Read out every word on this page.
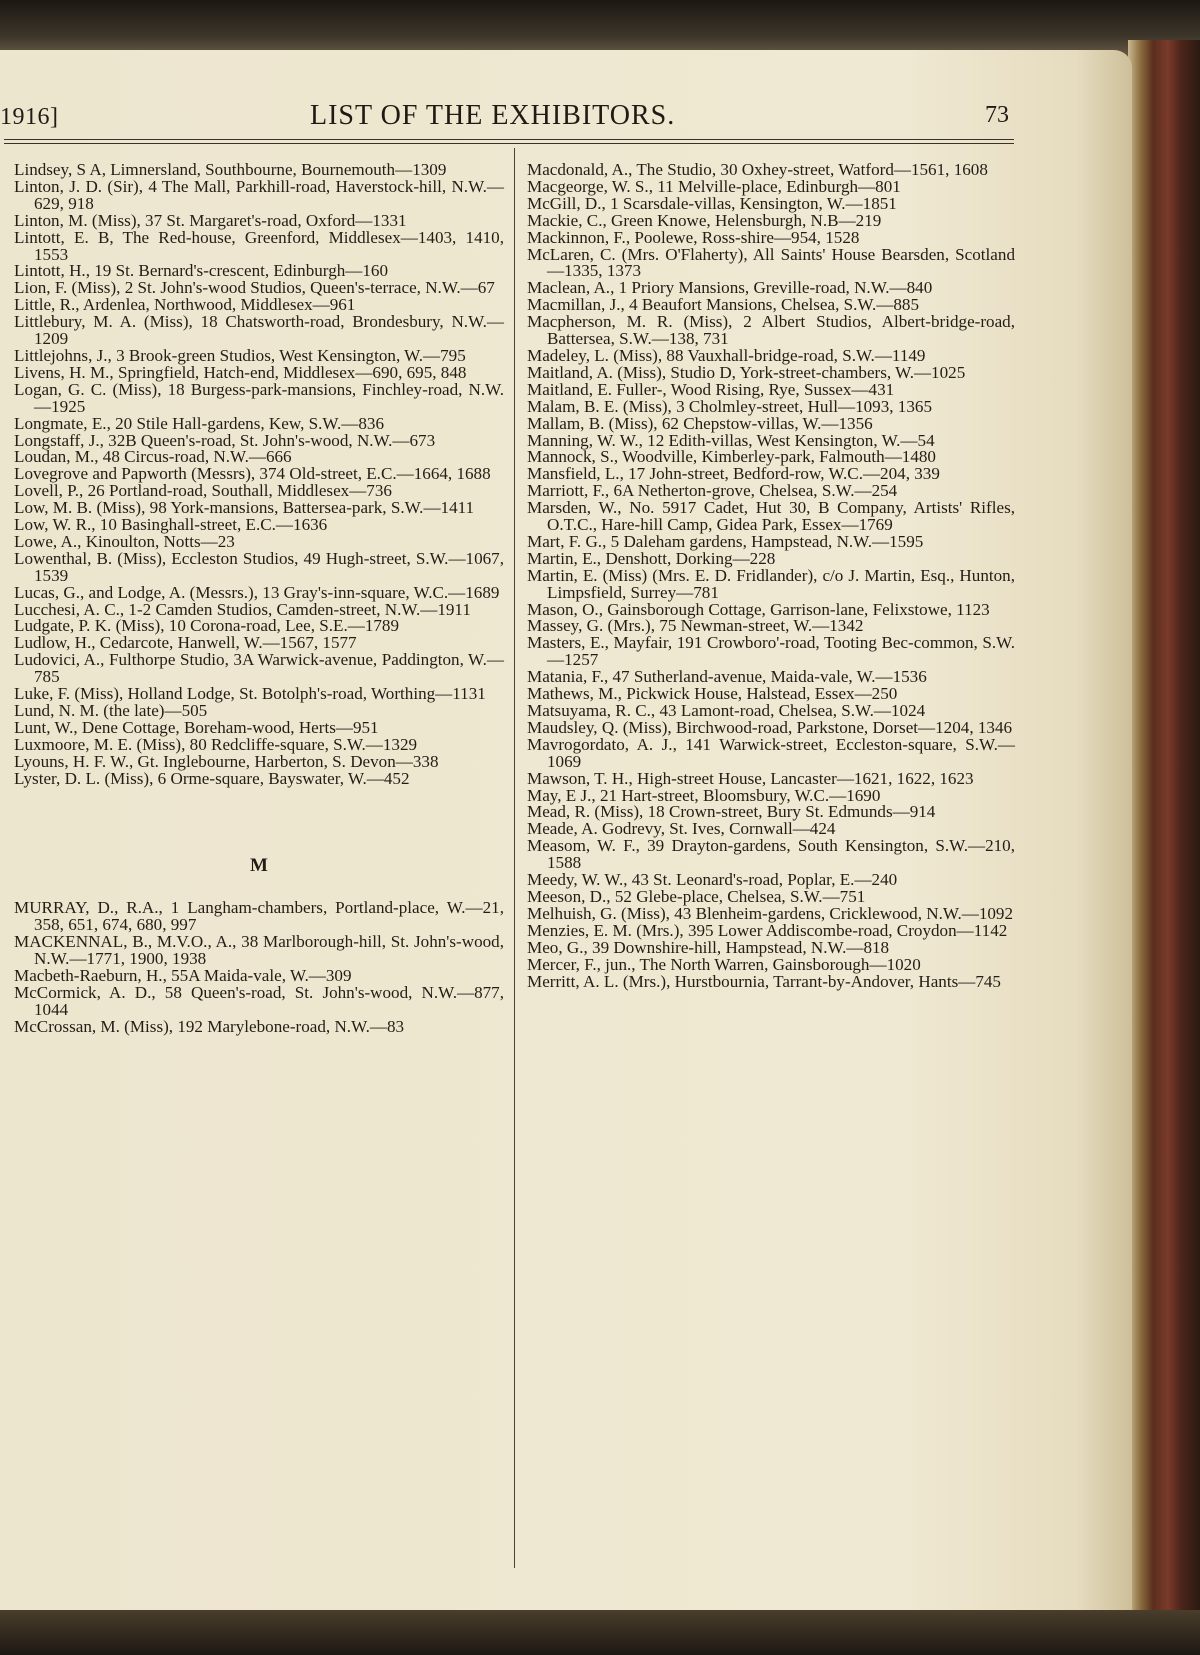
1916]	LIST OF THE EXHIBITORS.	73

Lindsey, S A, Limnersland, Southbourne, Bournemouth—1309

Linton, J. D. (Sir), 4 The Mall, Parkhill-road, Haverstock-hill, N.W.—629, 918

Linton, M. (Miss), 37 St. Margaret's-road, Oxford—1331

Lintott, E. B, The Red-house, Greenford, Middlesex—1403, 1410, 1553

Lintott, H., 19 St. Bernard's-crescent, Edinburgh—160

Lion, F. (Miss), 2 St. John's-wood Studios, Queen's-terrace, N.W.—67

Little, R., Ardenlea, Northwood, Middlesex—961

Littlebury, M. A. (Miss), 18 Chatsworth-road, Brondesbury, N.W.—1209

Littlejohns, J., 3 Brook-green Studios, West Kensington, W.—795

Livens, H. M., Springfield, Hatch-end, Middlesex—690, 695, 848

Logan, G. C. (Miss), 18 Burgess-park-mansions, Finchley-road, N.W.—1925

Longmate, E., 20 Stile Hall-gardens, Kew, S.W.—836

Longstaff, J., 32B Queen's-road, St. John's-wood, N.W.—673

Loudan, M., 48 Circus-road, N.W.—666

Lovegrove and Papworth (Messrs), 374 Old-street, E.C.—1664, 1688

Lovell, P., 26 Portland-road, Southall, Middlesex—736

Low, M. B. (Miss), 98 York-mansions, Battersea-park, S.W.—1411

Low, W. R., 10 Basinghall-street, E.C.—1636

Lowe, A., Kinoulton, Notts—23

Lowenthal, B. (Miss), Eccleston Studios, 49 Hugh-street, S.W.—1067, 1539

Lucas, G., and Lodge, A. (Messrs.), 13 Gray's-inn-square, W.C.—1689

Lucchesi, A. C., 1-2 Camden Studios, Camden-street, N.W.—1911

Ludgate, P. K. (Miss), 10 Corona-road, Lee, S.E.—1789

Ludlow, H., Cedarcote, Hanwell, W.—1567, 1577

Ludovici, A., Fulthorpe Studio, 3A Warwick-avenue, Paddington, W.—785

Luke, F. (Miss), Holland Lodge, St. Botolph's-road, Worthing—1131

Lund, N. M. (the late)—505

Lunt, W., Dene Cottage, Boreham-wood, Herts—951

Luxmoore, M. E. (Miss), 80 Redcliffe-square, S.W.—1329

Lyouns, H. F. W., Gt. Inglebourne, Harberton, S. Devon—338

Lyster, D. L. (Miss), 6 Orme-square, Bayswater, W.—452

M

MURRAY, D., R.A., 1 Langham-chambers, Portland-place, W.—21, 358, 651, 674, 680, 997

MACKENNAL, B., M.V.O., A., 38 Marlborough-hill, St. John's-wood, N.W.—1771, 1900, 1938

Macbeth-Raeburn, H., 55A Maida-vale, W.—309

McCormick, A. D., 58 Queen's-road, St. John's-wood, N.W.—877, 1044

McCrossan, M. (Miss), 192 Marylebone-road, N.W.—83

Macdonald, A., The Studio, 30 Oxhey-street, Watford—1561, 1608

Macgeorge, W. S., 11 Melville-place, Edinburgh—801

McGill, D., 1 Scarsdale-villas, Kensington, W.—1851

Mackie, C., Green Knowe, Helensburgh, N.B—219

Mackinnon, F., Poolewe, Ross-shire—954, 1528

McLaren, C. (Mrs. O'Flaherty), All Saints' House Bearsden, Scotland—1335, 1373

Maclean, A., 1 Priory Mansions, Greville-road, N.W.—840

Macmillan, J., 4 Beaufort Mansions, Chelsea, S.W.—885

Macpherson, M. R. (Miss), 2 Albert Studios, Albert-bridge-road, Battersea, S.W.—138, 731

Madeley, L. (Miss), 88 Vauxhall-bridge-road, S.W.—1149

Maitland, A. (Miss), Studio D, York-street-chambers, W.—1025

Maitland, E. Fuller-, Wood Rising, Rye, Sussex—431

Malam, B. E. (Miss), 3 Cholmley-street, Hull—1093, 1365

Mallam, B. (Miss), 62 Chepstow-villas, W.—1356

Manning, W. W., 12 Edith-villas, West Kensington, W.—54

Mannock, S., Woodville, Kimberley-park, Falmouth—1480

Mansfield, L., 17 John-street, Bedford-row, W.C.—204, 339

Marriott, F., 6A Netherton-grove, Chelsea, S.W.—254

Marsden, W., No. 5917 Cadet, Hut 30, B Company, Artists' Rifles, O.T.C., Hare-hill Camp, Gidea Park, Essex—1769

Mart, F. G., 5 Daleham gardens, Hampstead, N.W.—1595

Martin, E., Denshott, Dorking—228

Martin, E. (Miss) (Mrs. E. D. Fridlander), c/o J. Martin, Esq., Hunton, Limpsfield, Surrey—781

Mason, O., Gainsborough Cottage, Garrison-lane, Felixstowe, 1123

Massey, G. (Mrs.), 75 Newman-street, W.—1342

Masters, E., Mayfair, 191 Crowboro'-road, Tooting Bec-common, S.W.—1257

Matania, F., 47 Sutherland-avenue, Maida-vale, W.—1536

Mathews, M., Pickwick House, Halstead, Essex—250

Matsuyama, R. C., 43 Lamont-road, Chelsea, S.W.—1024

Maudsley, Q. (Miss), Birchwood-road, Parkstone, Dorset—1204, 1346

Mavrogordato, A. J., 141 Warwick-street, Eccleston-square, S.W.—1069

Mawson, T. H., High-street House, Lancaster—1621, 1622, 1623

May, E J., 21 Hart-street, Bloomsbury, W.C.—1690

Mead, R. (Miss), 18 Crown-street, Bury St. Edmunds—914

Meade, A. Godrevy, St. Ives, Cornwall—424

Measom, W. F., 39 Drayton-gardens, South Kensington, S.W.—210, 1588

Meedy, W. W., 43 St. Leonard's-road, Poplar, E.—240

Meeson, D., 52 Glebe-place, Chelsea, S.W.—751

Melhuish, G. (Miss), 43 Blenheim-gardens, Cricklewood, N.W.—1092

Menzies, E. M. (Mrs.), 395 Lower Addiscombe-road, Croydon—1142

Meo, G., 39 Downshire-hill, Hampstead, N.W.—818

Mercer, F., jun., The North Warren, Gainsborough—1020

Merritt, A. L. (Mrs.), Hurstbournia, Tarrant-by-Andover, Hants—745
